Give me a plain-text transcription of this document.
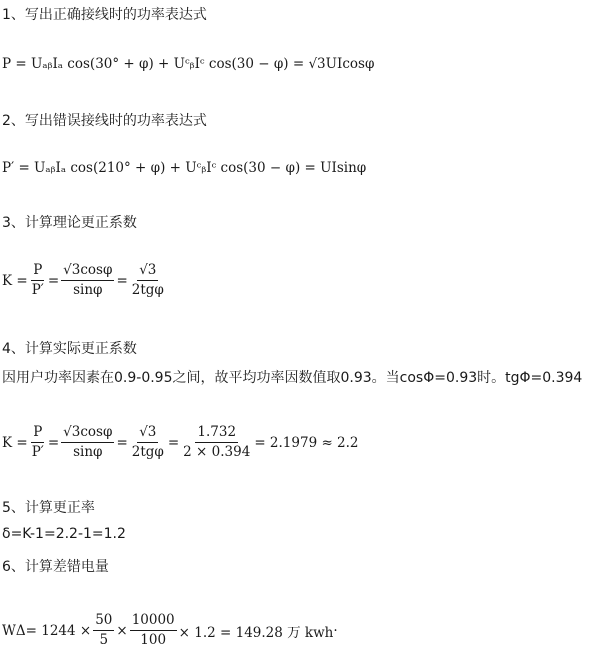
1、写出正确接线时的功率表达式
P = UₐᵦIₐ cos(30° + φ) + UᶜᵦIᶜ cos(30 − φ) = √3UIcosφ
2、写出错误接线时的功率表达式
P′ = UₐᵦIₐ cos(210° + φ) + UᶜᵦIᶜ cos(30 − φ) = UIsinφ
3、计算理论更正系数
$K = \frac{P}{P'} = \frac{√3\cos\varphi}{\sin\varphi} = \frac{√3}{\text{2tgφ}}$
4、计算实际更正系数
因用户功率因素在0.9-0.95之间，故平均功率因数值取0.93。当cosΦ=0.93时。tgΦ=0.394
$K = \frac{P}{P'} = \frac{√3\cos\varphi}{\sin\varphi} = \frac{√3}{\text{2tgφ}} = \frac{1.732}{2 \times 0.394} = 2.1979 \approx 2.2$
5、计算更正率
δ=K-1=2.2-1=1.2
6、计算差错电量
$W\Delta= 1244 \times \frac{50}{5} \times \frac{10000}{100} \times 1.2 = 149.28$ 万 kwh ·
